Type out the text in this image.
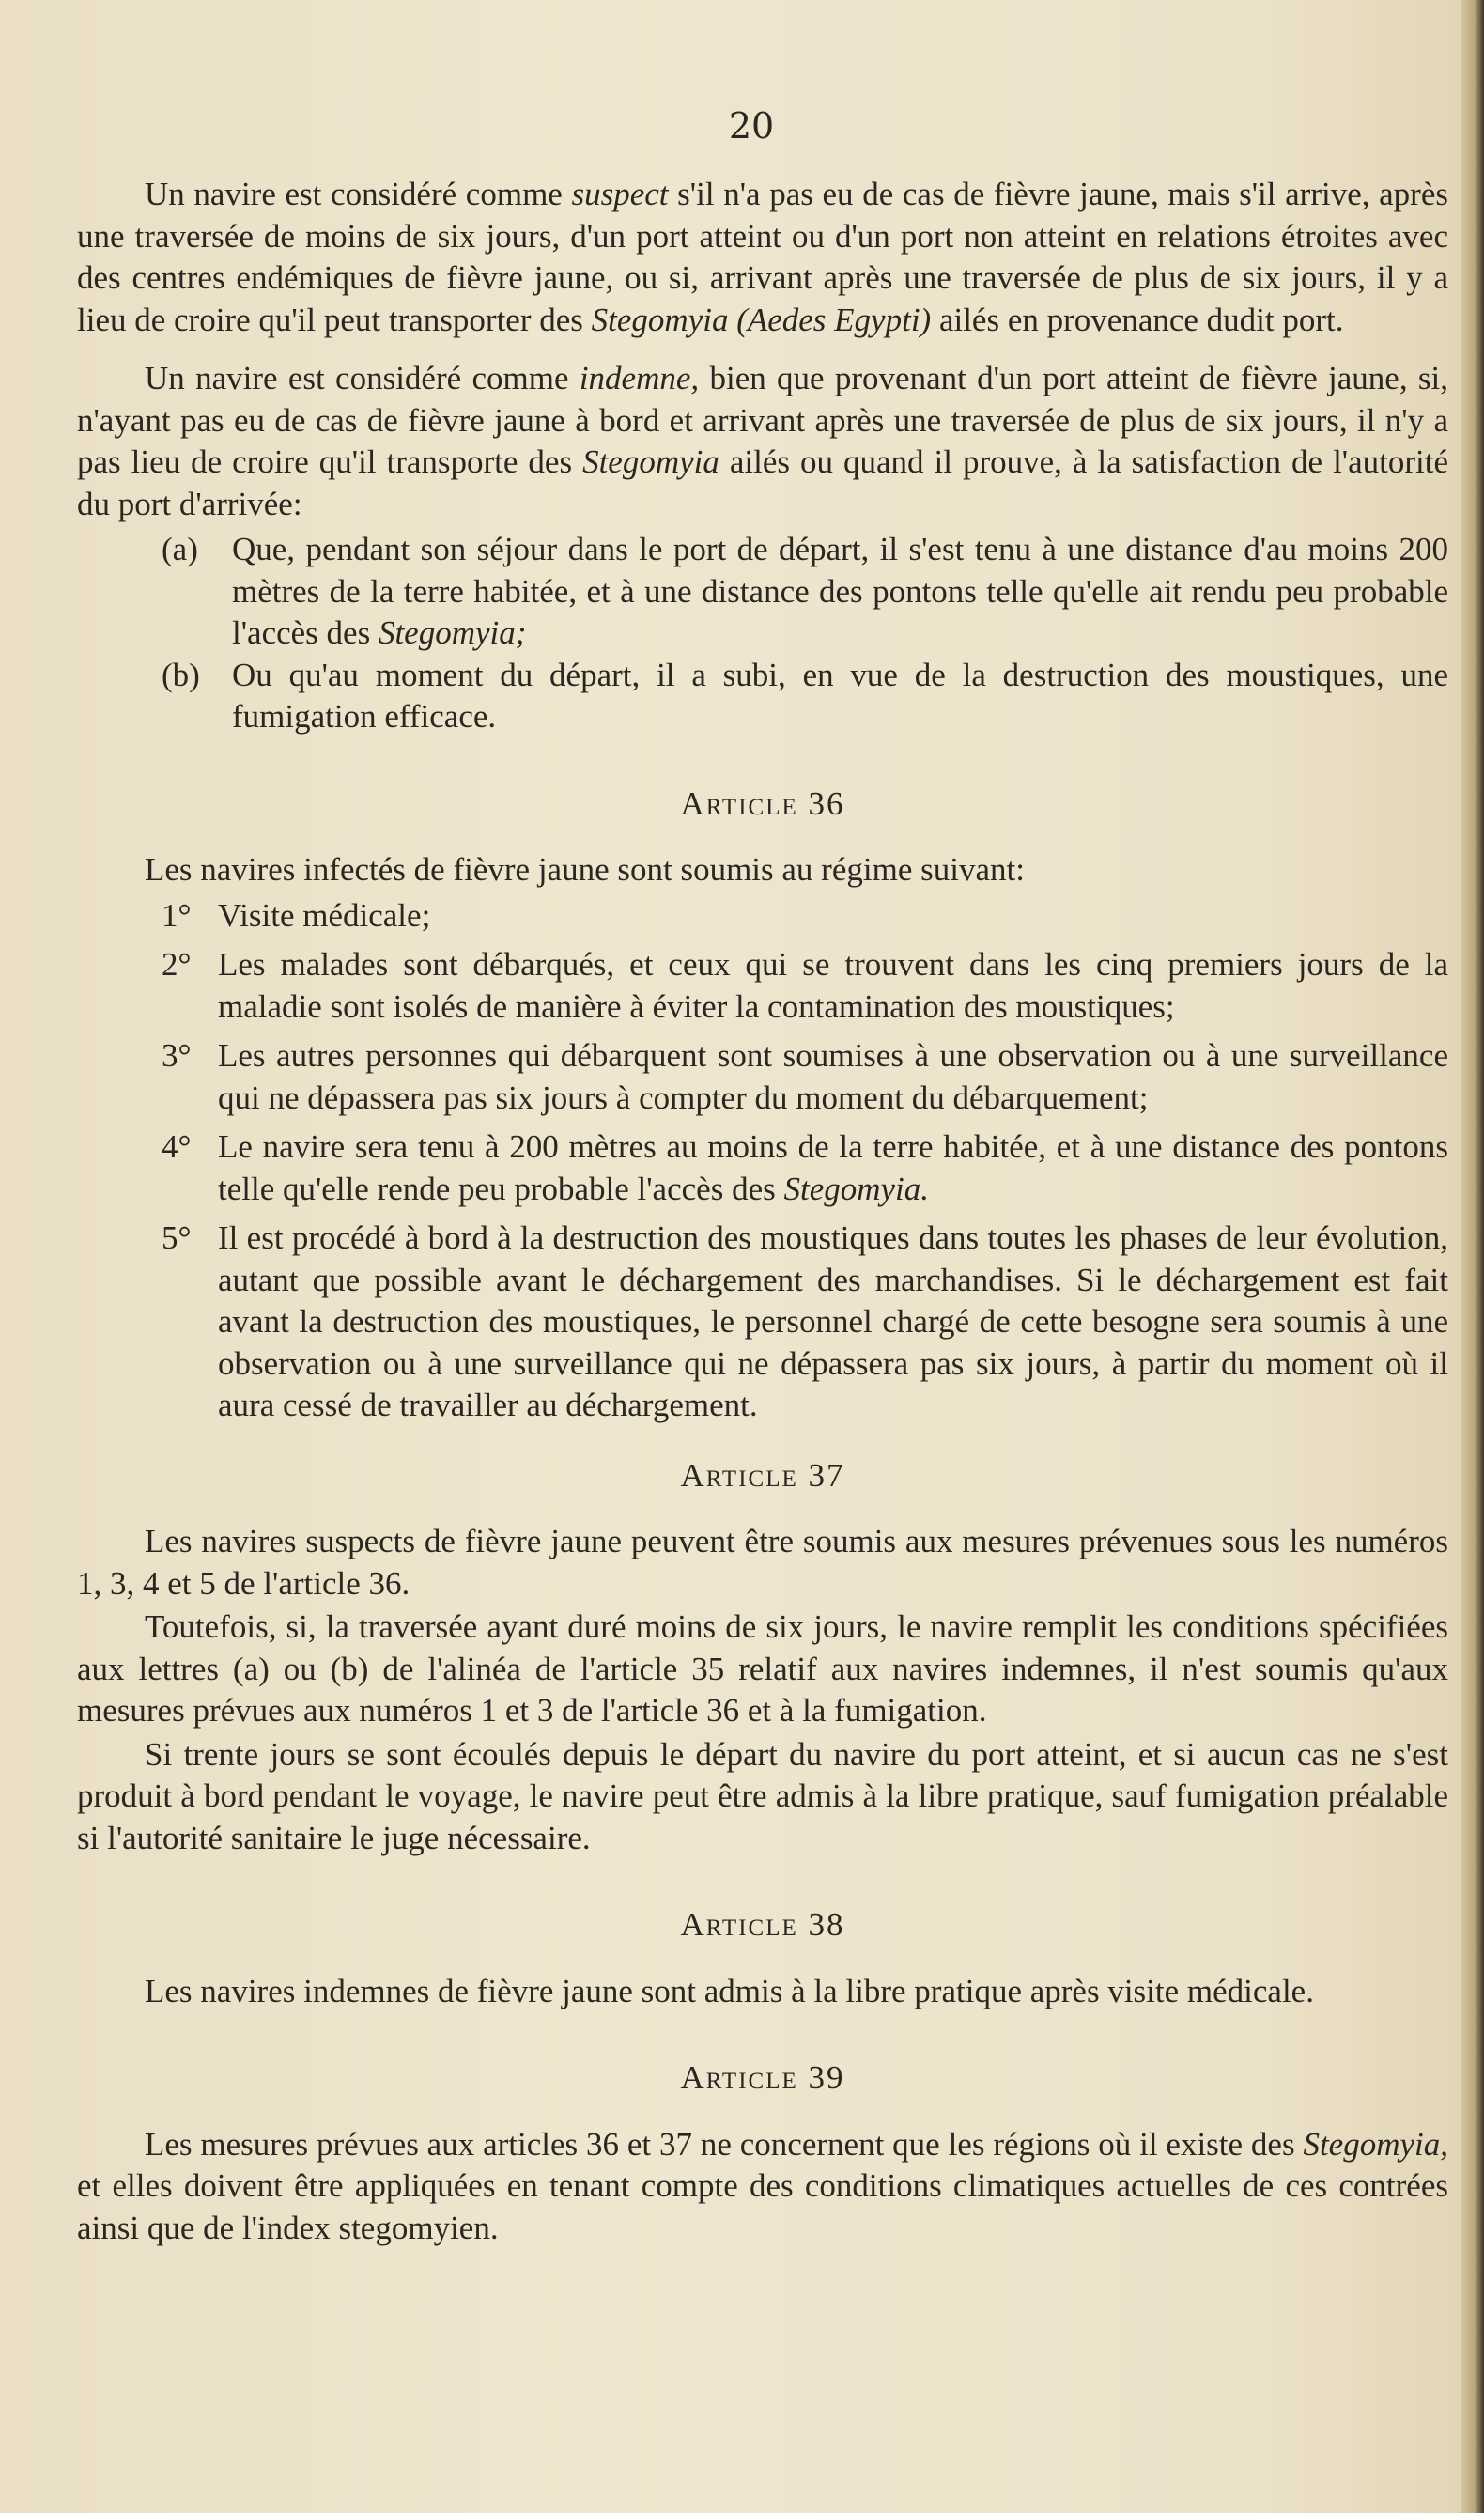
20

Un navire est considéré comme suspect s'il n'a pas eu de cas de fièvre jaune, mais s'il arrive, après une traversée de moins de six jours, d'un port atteint ou d'un port non atteint en relations étroites avec des centres endémiques de fièvre jaune, ou si, arrivant après une traversée de plus de six jours, il y a lieu de croire qu'il peut transporter des Stegomyia (Aedes Egypti) ailés en provenance dudit port.

Un navire est considéré comme indemne, bien que provenant d'un port atteint de fièvre jaune, si, n'ayant pas eu de cas de fièvre jaune à bord et arrivant après une traversée de plus de six jours, il n'y a pas lieu de croire qu'il transporte des Stegomyia ailés ou quand il prouve, à la satisfaction de l'autorité du port d'arrivée:

(a) Que, pendant son séjour dans le port de départ, il s'est tenu à une distance d'au moins 200 mètres de la terre habitée, et à une distance des pontons telle qu'elle ait rendu peu probable l'accès des Stegomyia;

(b) Ou qu'au moment du départ, il a subi, en vue de la destruction des moustiques, une fumigation efficace.

Article 36

Les navires infectés de fièvre jaune sont soumis au régime suivant:

1° Visite médicale;

2° Les malades sont débarqués, et ceux qui se trouvent dans les cinq premiers jours de la maladie sont isolés de manière à éviter la contamination des moustiques;

3° Les autres personnes qui débarquent sont soumises à une observation ou à une surveillance qui ne dépassera pas six jours à compter du moment du débarquement;

4° Le navire sera tenu à 200 mètres au moins de la terre habitée, et à une distance des pontons telle qu'elle rende peu probable l'accès des Stegomyia.

5° Il est procédé à bord à la destruction des moustiques dans toutes les phases de leur évolution, autant que possible avant le déchargement des marchandises. Si le déchargement est fait avant la destruction des moustiques, le personnel chargé de cette besogne sera soumis à une observation ou à une surveillance qui ne dépassera pas six jours, à partir du moment où il aura cessé de travailler au déchargement.

Article 37

Les navires suspects de fièvre jaune peuvent être soumis aux mesures prévenues sous les numéros 1, 3, 4 et 5 de l'article 36.

Toutefois, si, la traversée ayant duré moins de six jours, le navire remplit les conditions spécifiées aux lettres (a) ou (b) de l'alinéa de l'article 35 relatif aux navires indemnes, il n'est soumis qu'aux mesures prévues aux numéros 1 et 3 de l'article 36 et à la fumigation.

Si trente jours se sont écoulés depuis le départ du navire du port atteint, et si aucun cas ne s'est produit à bord pendant le voyage, le navire peut être admis à la libre pratique, sauf fumigation préalable si l'autorité sanitaire le juge nécessaire.

Article 38

Les navires indemnes de fièvre jaune sont admis à la libre pratique après visite médicale.

Article 39

Les mesures prévues aux articles 36 et 37 ne concernent que les régions où il existe des Stegomyia, et elles doivent être appliquées en tenant compte des conditions climatiques actuelles de ces contrées ainsi que de l'index stegomyien.
